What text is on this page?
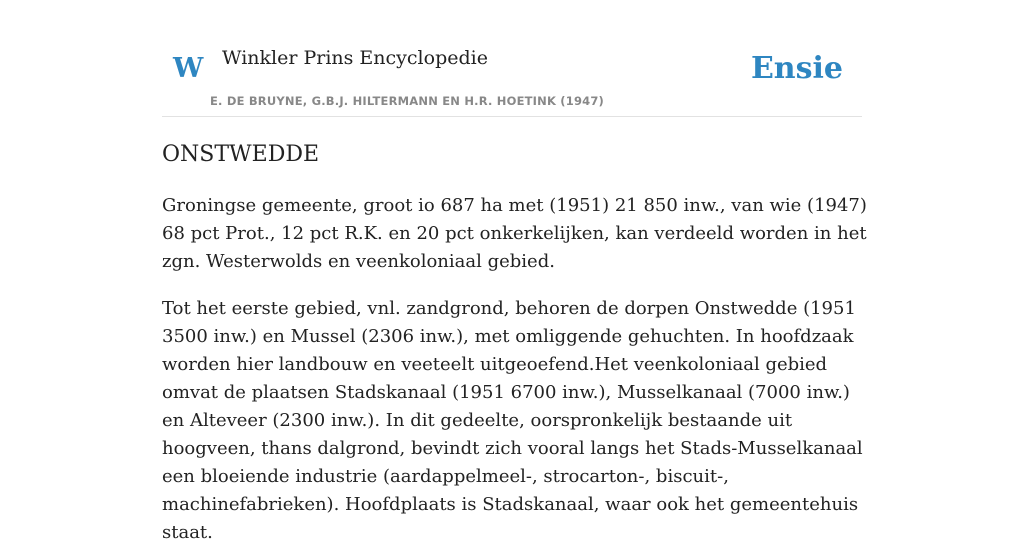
W Winkler Prins Encyclopedie
E. DE BRUYNE, G.B.J. HILTERMANN EN H.R. HOETINK (1947)
Ensie
ONSTWEDDE

Groningse gemeente, groot io 687 ha met (1951) 21 850 inw., van wie (1947) 68 pct Prot., 12 pct R.K. en 20 pct onkerkelijken, kan verdeeld worden in het zgn. Westerwolds en veenkoloniaal gebied.

Tot het eerste gebied, vnl. zandgrond, behoren de dorpen Onstwedde (1951 3500 inw.) en Mussel (2306 inw.), met omliggende gehuchten. In hoofdzaak worden hier landbouw en veeteelt uitgeoefend.Het veenkoloniaal gebied omvat de plaatsen Stadskanaal (1951 6700 inw.), Musselkanaal (7000 inw.) en Alteveer (2300 inw.). In dit gedeelte, oorspronkelijk bestaande uit hoogveen, thans dalgrond, bevindt zich vooral langs het Stads-Musselkanaal een bloeiende industrie (aardappelmeel-, strocarton-, biscuit-, machinefabrieken). Hoofdplaats is Stadskanaal, waar ook het gemeentehuis staat.
